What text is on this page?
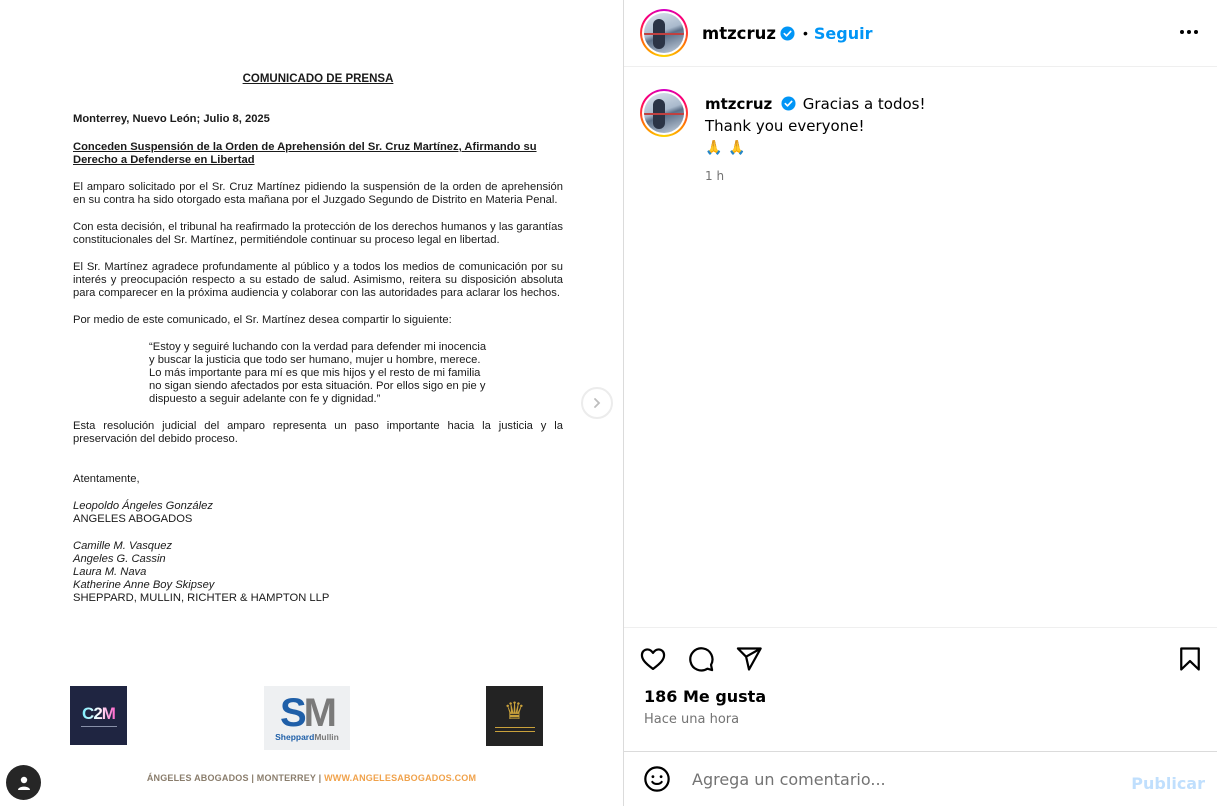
COMUNICADO DE PRENSA
Monterrey, Nuevo León; Julio 8, 2025
Conceden Suspensión de la Orden de Aprehensión del Sr. Cruz Martínez, Afirmando su Derecho a Defenderse en Libertad
El amparo solicitado por el Sr. Cruz Martínez pidiendo la suspensión de la orden de aprehensión en su contra ha sido otorgado esta mañana por el Juzgado Segundo de Distrito en Materia Penal.
Con esta decisión, el tribunal ha reafirmado la protección de los derechos humanos y las garantías constitucionales del Sr. Martínez, permitiéndole continuar su proceso legal en libertad.
El Sr. Martínez agradece profundamente al público y a todos los medios de comunicación por su interés y preocupación respecto a su estado de salud. Asimismo, reitera su disposición absoluta para comparecer en la próxima audiencia y colaborar con las autoridades para aclarar los hechos.
Por medio de este comunicado, el Sr. Martínez desea compartir lo siguiente:
“Estoy y seguiré luchando con la verdad para defender mi inocencia y buscar la justicia que todo ser humano, mujer u hombre, merece. Lo más importante para mí es que mis hijos y el resto de mi familia no sigan siendo afectados por esta situación. Por ellos sigo en pie y dispuesto a seguir adelante con fe y dignidad.”
Esta resolución judicial del amparo representa un paso importante hacia la justicia y la preservación del debido proceso.
Atentamente,
Leopoldo Ángeles González
ANGELES ABOGADOS
Camille M. Vasquez
Angeles G. Cassin
Laura M. Nava
Katherine Anne Boy Skipsey
SHEPPARD, MULLIN, RICHTER & HAMPTON LLP
C2M	SM
SheppardMullin
♛
ÁNGELES ABOGADOS | MONTERREY | WWW.ANGELESABOGADOS.COM
mtzcruz • Seguir
mtzcruz Gracias a todos!
Thank you everyone!
🙏🙏
1 h
186 Me gusta
Hace una hora
Agrega un comentario...
Publicar
